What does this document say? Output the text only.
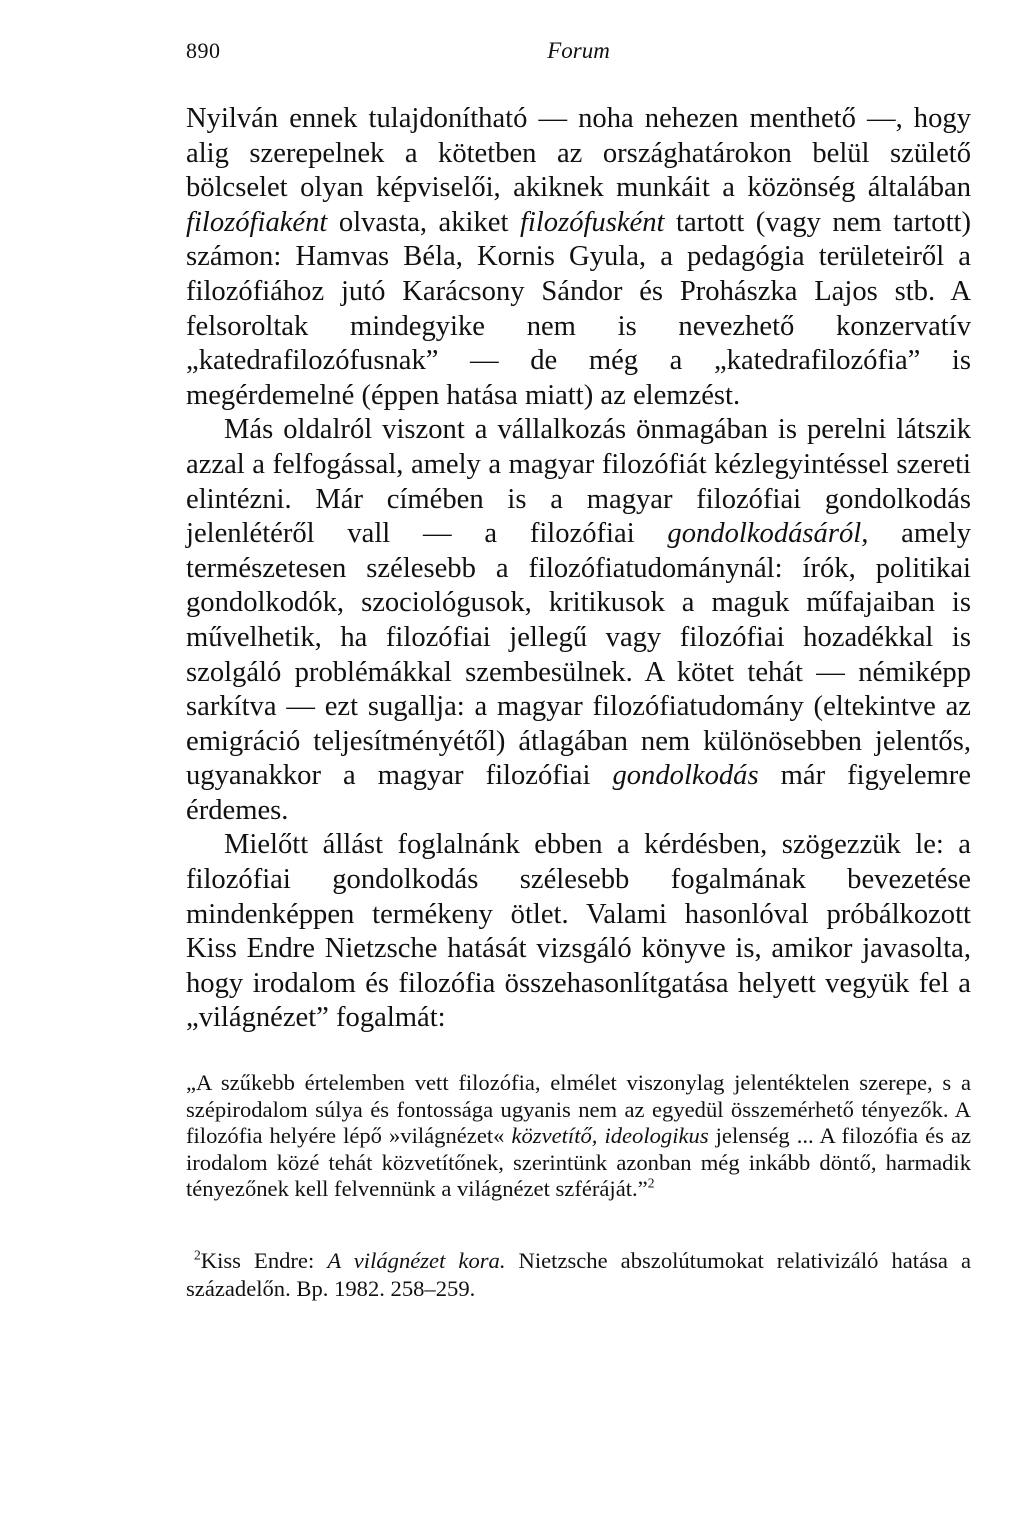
890	Forum

Nyilván ennek tulajdonítható — noha nehezen menthető —, hogy alig szerepelnek a kötetben az országhatárokon belül születő bölcselet olyan képviselői, akiknek munkáit a közönség általában filozófiaként olvasta, akiket filozófusként tartott (vagy nem tartott) számon: Hamvas Béla, Kornis Gyula, a pedagógia területeiről a filozófiához jutó Karácsony Sándor és Prohászka Lajos stb. A felsoroltak mindegyike nem is nevezhető konzervatív „katedrafilozófusnak” — de még a „katedrafilozófia” is megérdemelné (éppen hatása miatt) az elemzést.

Más oldalról viszont a vállalkozás önmagában is perelni látszik azzal a felfogással, amely a magyar filozófiát kézlegyintéssel szereti elintézni. Már címében is a magyar filozófiai gondolkodás jelenlétéről vall — a filozófiai gondolkodásáról, amely természetesen szélesebb a filozófiatudománynál: írók, politikai gondolkodók, szociológusok, kritikusok a maguk műfajaiban is művelhetik, ha filozófiai jellegű vagy filozófiai hozadékkal is szolgáló problémákkal szembesülnek. A kötet tehát — némiképp sarkítva — ezt sugallja: a magyar filozófiatudomány (eltekintve az emigráció teljesítményétől) átlagában nem különösebben jelentős, ugyanakkor a magyar filozófiai gondolkodás már figyelemre érdemes.

Mielőtt állást foglalnánk ebben a kérdésben, szögezzük le: a filozófiai gondolkodás szélesebb fogalmának bevezetése mindenképpen termékeny ötlet. Valami hasonlóval próbálkozott Kiss Endre Nietzsche hatását vizsgáló könyve is, amikor javasolta, hogy irodalom és filozófia összehasonlítgatása helyett vegyük fel a „világnézet” fogalmát:

„A szűkebb értelemben vett filozófia, elmélet viszonylag jelentéktelen szerepe, s a szépirodalom súlya és fontossága ugyanis nem az egyedül összemérhető tényezők. A filozófia helyére lépő »világnézet« közvetítő, ideologikus jelenség ... A filozófia és az irodalom közé tehát közvetítőnek, szerintünk azonban még inkább döntő, harmadik tényezőnek kell felvennünk a világnézet szféráját.”$^2$

$^2$Kiss Endre: A világnézet kora. Nietzsche abszolútumokat relativizáló hatása a századelőn. Bp. 1982. 258–259.
